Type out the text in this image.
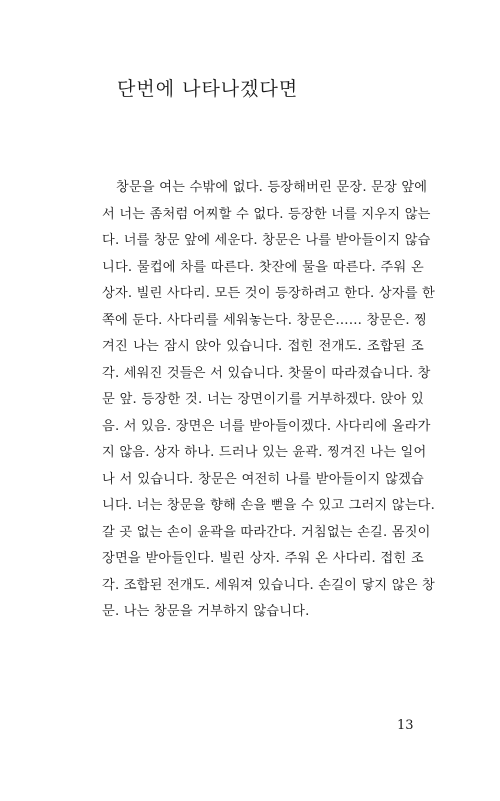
단번에 나타나겠다면
창문을 여는 수밖에 없다. 등장해버린 문장. 문장 앞에
서 너는 좀처럼 어찌할 수 없다. 등장한 너를 지우지 않는
다. 너를 창문 앞에 세운다. 창문은 나를 받아들이지 않습
니다. 물컵에 차를 따른다. 찻잔에 물을 따른다. 주워 온
상자. 빌린 사다리. 모든 것이 등장하려고 한다. 상자를 한
쪽에 둔다. 사다리를 세워놓는다. 창문은…… 창문은. 찡
겨진 나는 잠시 앉아 있습니다. 접힌 전개도. 조합된 조
각. 세워진 것들은 서 있습니다. 찻물이 따라졌습니다. 창
문 앞. 등장한 것. 너는 장면이기를 거부하겠다. 앉아 있
음. 서 있음. 장면은 너를 받아들이겠다. 사다리에 올라가
지 않음. 상자 하나. 드러나 있는 윤곽. 찡겨진 나는 일어
나 서 있습니다. 창문은 여전히 나를 받아들이지 않겠습
니다. 너는 창문을 향해 손을 뻗을 수 있고 그러지 않는다.
갈 곳 없는 손이 윤곽을 따라간다. 거침없는 손길. 몸짓이
장면을 받아들인다. 빌린 상자. 주워 온 사다리. 접힌 조
각. 조합된 전개도. 세워져 있습니다. 손길이 닿지 않은 창
문. 나는 창문을 거부하지 않습니다.

13
